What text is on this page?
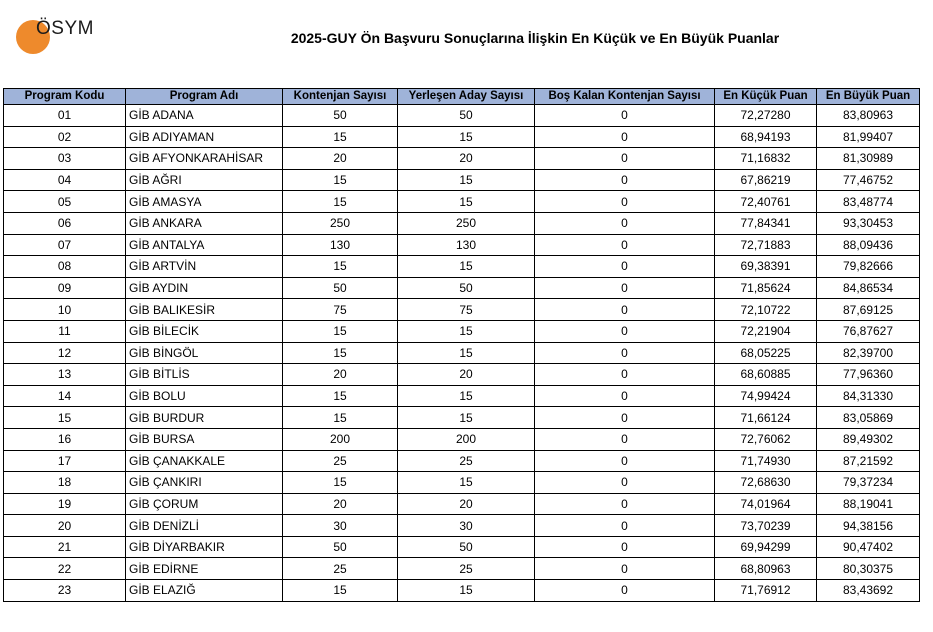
ÖSYM	2025-GUY Ön Başvuru Sonuçlarına İlişkin En Küçük ve En Büyük Puanlar
Program Kodu	Program Adı	Kontenjan Sayısı	Yerleşen Aday Sayısı	Boş Kalan Kontenjan Sayısı	En Küçük Puan	En Büyük Puan
01	GİB ADANA	50	50	0	72,27280	83,80963
02	GİB ADIYAMAN	15	15	0	68,94193	81,99407
03	GİB AFYONKARAHİSAR	20	20	0	71,16832	81,30989
04	GİB AĞRI	15	15	0	67,86219	77,46752
05	GİB AMASYA	15	15	0	72,40761	83,48774
06	GİB ANKARA	250	250	0	77,84341	93,30453
07	GİB ANTALYA	130	130	0	72,71883	88,09436
08	GİB ARTVİN	15	15	0	69,38391	79,82666
09	GİB AYDIN	50	50	0	71,85624	84,86534
10	GİB BALIKESİR	75	75	0	72,10722	87,69125
11	GİB BİLECİK	15	15	0	72,21904	76,87627
12	GİB BİNGÖL	15	15	0	68,05225	82,39700
13	GİB BİTLİS	20	20	0	68,60885	77,96360
14	GİB BOLU	15	15	0	74,99424	84,31330
15	GİB BURDUR	15	15	0	71,66124	83,05869
16	GİB BURSA	200	200	0	72,76062	89,49302
17	GİB ÇANAKKALE	25	25	0	71,74930	87,21592
18	GİB ÇANKIRI	15	15	0	72,68630	79,37234
19	GİB ÇORUM	20	20	0	74,01964	88,19041
20	GİB DENİZLİ	30	30	0	73,70239	94,38156
21	GİB DİYARBAKIR	50	50	0	69,94299	90,47402
22	GİB EDİRNE	25	25	0	68,80963	80,30375
23	GİB ELAZIĞ	15	15	0	71,76912	83,43692
